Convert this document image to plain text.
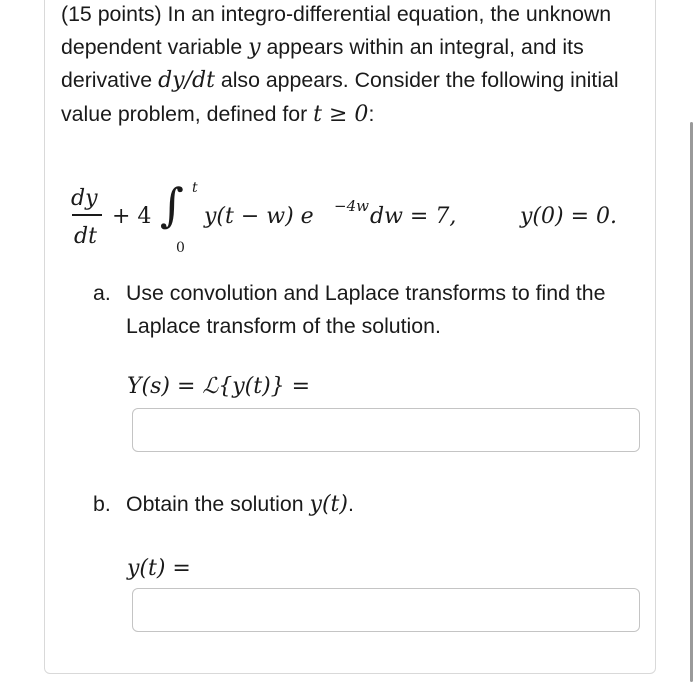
(15 points) In an integro-differential equation, the unknown dependent variable y appears within an integral, and its derivative dy/dt also appears. Consider the following initial value problem, defined for t ≥ 0:

dy
dt
+ 4 ∫ t
0
y(t − w) e −4w dw = 7,	y(0) = 0.
a. Use convolution and Laplace transforms to find the Laplace transform of the solution.
Y(s) = ℒ{y(t)} =
b. Obtain the solution y(t).
y(t) =
